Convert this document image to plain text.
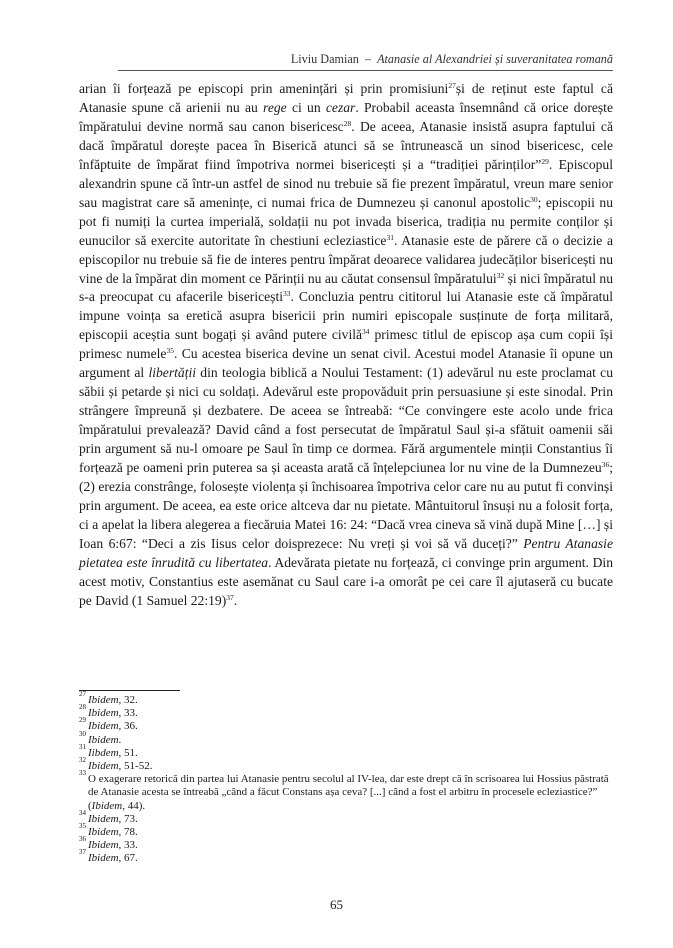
Liviu Damian – Atanasie al Alexandriei și suveranitatea romană

arian îi forțează pe episcopi prin amenințări și prin promisiuni$^{27}$și de reținut este faptul că Atanasie spune că arienii nu au rege ci un cezar. Probabil aceasta însemnând că orice dorește împăratului devine normă sau canon bisericesc$^{28}$. De aceea, Atanasie insistă asupra faptului că dacă împăratul dorește pacea în Biserică atunci să se întrunească un sinod bisericesc, cele înfăptuite de împărat fiind împotriva normei bisericești și a “tradiției părinților”$^{29}$. Episcopul alexandrin spune că într-un astfel de sinod nu trebuie să fie prezent împăratul, vreun mare senior sau magistrat care să amenințe, ci numai frica de Dumnezeu și canonul apostolic$^{30}$; episcopii nu pot fi numiți la curtea imperială, soldații nu pot invada biserica, tradiția nu permite conților și eunucilor să exercite autoritate în chestiuni ecleziastice$^{31}$. Atanasie este de părere că o decizie a episcopilor nu trebuie să fie de interes pentru împărat deoarece validarea judecăților bisericești nu vine de la împărat din moment ce Părinții nu au căutat consensul împăratului$^{32}$ și nici împăratul nu s-a preocupat cu afacerile bisericești$^{33}$. Concluzia pentru cititorul lui Atanasie este că împăratul impune voința sa eretică asupra bisericii prin numiri episcopale susținute de forța militară, episcopii aceștia sunt bogați și având putere civilă$^{34}$ primesc titlul de episcop așa cum copii își primesc numele$^{35}$. Cu acestea biserica devine un senat civil. Acestui model Atanasie îi opune un argument al libertății din teologia biblică a Noului Testament: (1) adevărul nu este proclamat cu săbii și petarde și nici cu soldați. Adevărul este propovăduit prin persuasiune și este sinodal. Prin strângere împreună și dezbatere. De aceea se întreabă: “Ce convingere este acolo unde frica împăratului prevalează? David când a fost persecutat de împăratul Saul și-a sfătuit oamenii săi prin argument să nu-l omoare pe Saul în timp ce dormea. Fără argumentele minții Constantius îi forțează pe oameni prin puterea sa și aceasta arată că înțelepciunea lor nu vine de la Dumnezeu$^{36}$; (2) erezia constrânge, folosește violența și închisoarea împotriva celor care nu au putut fi convinși prin argument. De aceea, ea este orice altceva dar nu pietate. Mântuitorul însuși nu a folosit forța, ci a apelat la libera alegerea a fiecăruia Matei 16: 24: “Dacă vrea cineva să vină după Mine […] și Ioan 6:67: “Deci a zis Iisus celor doisprezece: Nu vreți și voi să vă duceți?” Pentru Atanasie pietatea este înrudită cu libertatea. Adevărata pietate nu forțează, ci convinge prin argument. Din acest motiv, Constantius este asemănat cu Saul care i-a omorât pe cei care îl ajutaseră cu bucate pe David (1 Samuel 22:19)$^{37}$.

27 Ibidem, 32.
28 Ibidem, 33.
29 Ibidem, 36.
30 Ibidem.
31 Iibdem, 51.
32 Ibidem, 51-52.
33 O exagerare retorică din partea lui Atanasie pentru secolul al IV-lea, dar este drept că în scrisoarea lui Hossius păstrată de Atanasie acesta se întreabă „când a făcut Constans așa ceva? [...] când a fost el arbitru în procesele ecleziastice?” (Ibidem, 44).
34 Ibidem, 73.
35 Ibidem, 78.
36 Ibidem, 33.
37 Ibidem, 67.
65
